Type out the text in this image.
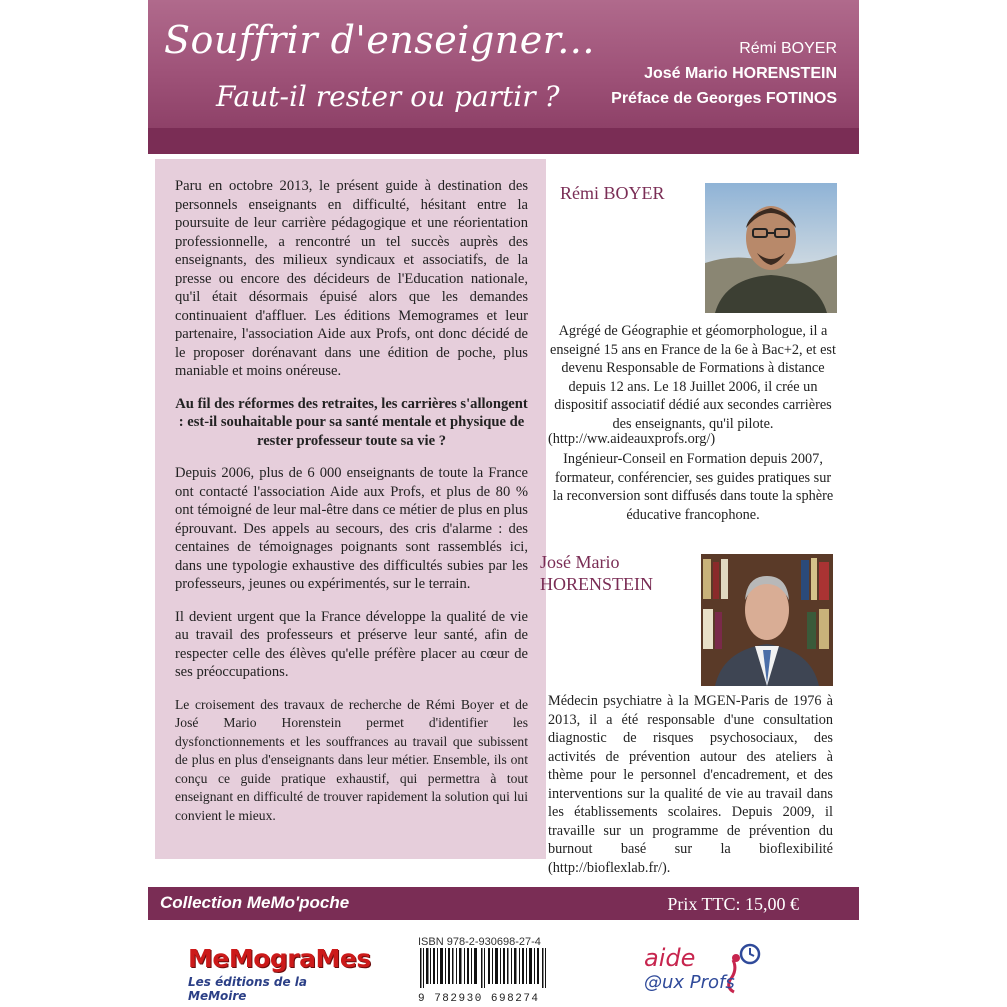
Souffrir d'enseigner...
Faut-il rester ou partir ?
Rémi BOYER
José Mario HORENSTEIN
Préface de Georges FOTINOS

Paru en octobre 2013, le présent guide à destination des personnels enseignants en difficulté, hésitant entre la poursuite de leur carrière pédagogique et une réorientation professionnelle, a rencontré un tel succès auprès des enseignants, des milieux syndicaux et associatifs, de la presse ou encore des décideurs de l'Education nationale, qu'il était désormais épuisé alors que les demandes continuaient d'affluer. Les éditions Memogrames et leur partenaire, l'association Aide aux Profs, ont donc décidé de le proposer dorénavant dans une édition de poche, plus maniable et moins onéreuse.

Au fil des réformes des retraites, les carrières s'allongent : est-il souhaitable pour sa santé mentale et physique de rester professeur toute sa vie ?

Depuis 2006, plus de 6 000 enseignants de toute la France ont contacté l'association Aide aux Profs, et plus de 80 % ont témoigné de leur mal-être dans ce métier de plus en plus éprouvant. Des appels au secours, des cris d'alarme : des centaines de témoignages poignants sont rassemblés ici, dans une typologie exhaustive des difficultés subies par les professeurs, jeunes ou expérimentés, sur le terrain.

Il devient urgent que la France développe la qualité de vie au travail des professeurs et préserve leur santé, afin de respecter celle des élèves qu'elle préfère placer au cœur de ses préoccupations.

Le croisement des travaux de recherche de Rémi Boyer et de José Mario Horenstein permet d'identifier les dysfonctionnements et les souffrances au travail que subissent de plus en plus d'enseignants dans leur métier. Ensemble, ils ont conçu ce guide pratique exhaustif, qui permettra à tout enseignant en difficulté de trouver rapidement la solution qui lui convient le mieux.

Rémi BOYER
Agrégé de Géographie et géomorphologue, il a enseigné 15 ans en France de la 6e à Bac+2, et est devenu Responsable de Formations à distance depuis 12 ans. Le 18 Juillet 2006, il crée un dispositif associatif dédié aux secondes carrières des enseignants, qu'il pilote.
(http://ww.aideauxprofs.org/)
Ingénieur-Conseil en Formation depuis 2007, formateur, conférencier, ses guides pratiques sur la reconversion sont diffusés dans toute la sphère éducative francophone.
José Mario
HORENSTEIN
Médecin psychiatre à la MGEN-Paris de 1976 à 2013, il a été responsable d'une consultation diagnostic de risques psychosociaux, des activités de prévention autour des ateliers à thème pour le personnel d'encadrement, et des interventions sur la qualité de vie au travail dans les établissements scolaires. Depuis 2009, il travaille sur un programme de prévention du burnout basé sur la bioflexibilité (http://bioflexlab.fr/).
Collection MeMo'poche	Prix TTC: 15,00 €
MeMograMes
Les éditions de la MeMoire
ISBN 978-2-930698-27-4
9 782930 698274
aide
@ux Profs
